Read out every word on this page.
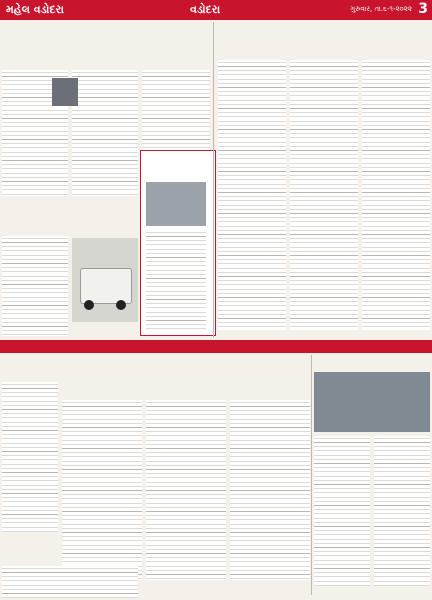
મહેલ વડોદરા	વડોદરા	ગુરુવાર, તા.૬-૧-૨૦૨૨ 3
